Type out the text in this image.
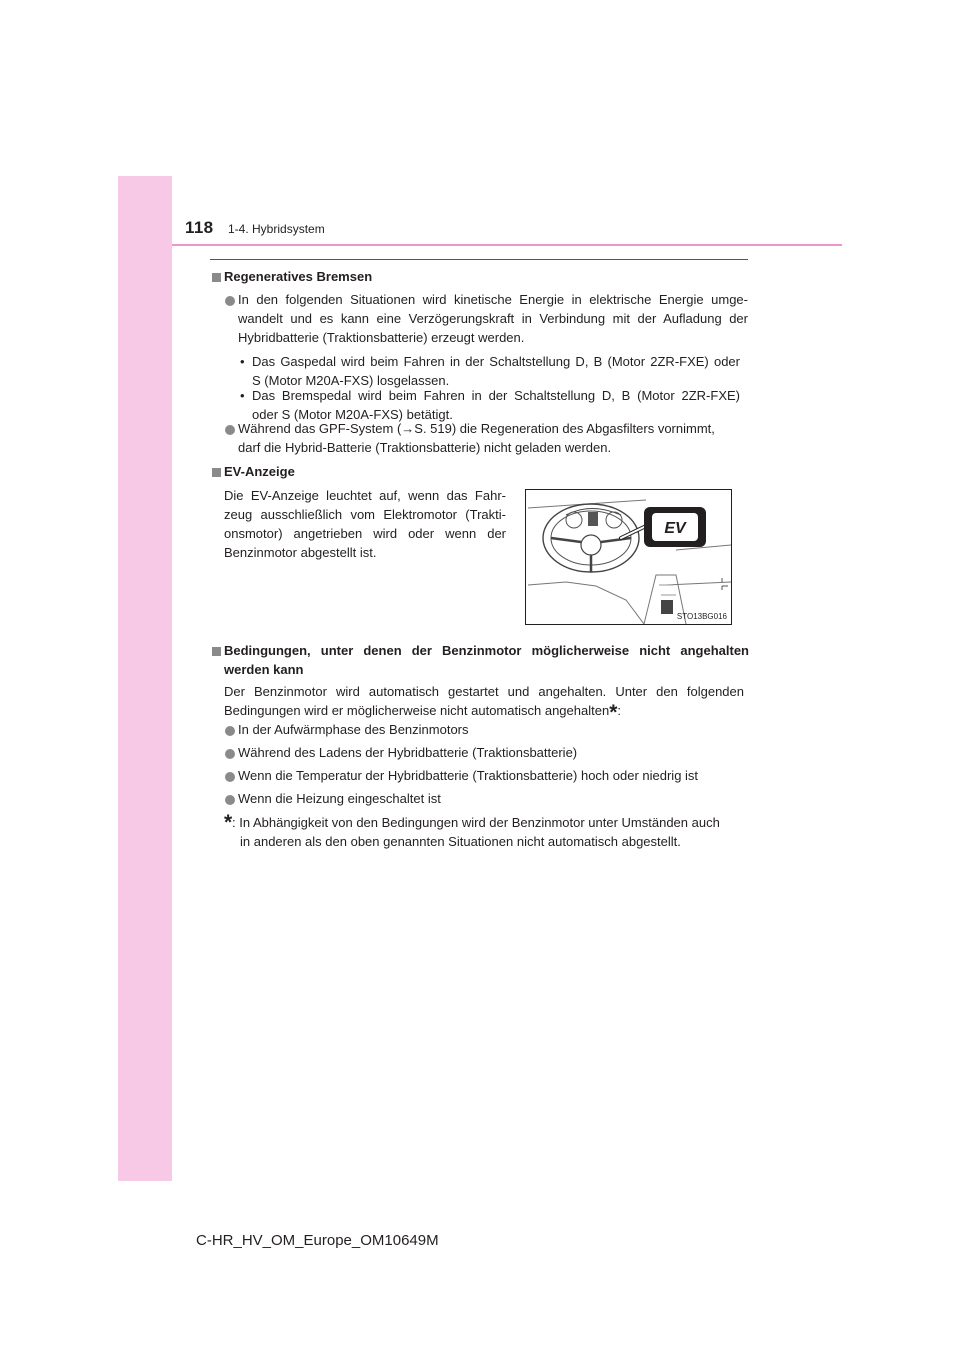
118 1-4. Hybridsystem
Regeneratives Bremsen
In den folgenden Situationen wird kinetische Energie in elektrische Energie umge-
wandelt und es kann eine Verzögerungskraft in Verbindung mit der Aufladung der
Hybridbatterie (Traktionsbatterie) erzeugt werden.
• Das Gaspedal wird beim Fahren in der Schaltstellung D, B (Motor 2ZR-FXE) oder
S (Motor M20A-FXS) losgelassen.
• Das Bremspedal wird beim Fahren in der Schaltstellung D, B (Motor 2ZR-FXE)
oder S (Motor M20A-FXS) betätigt.
Während das GPF-System (→S. 519) die Regeneration des Abgasfilters vornimmt,
darf die Hybrid-Batterie (Traktionsbatterie) nicht geladen werden.
EV-Anzeige
Die EV-Anzeige leuchtet auf, wenn das Fahr-
zeug ausschließlich vom Elektromotor (Trakti-
onsmotor) angetrieben wird oder wenn der
Benzinmotor abgestellt ist.
EV
STO13BG016
Bedingungen, unter denen der Benzinmotor möglicherweise nicht angehalten
werden kann
Der Benzinmotor wird automatisch gestartet und angehalten. Unter den folgenden
Bedingungen wird er möglicherweise nicht automatisch angehalten*:
In der Aufwärmphase des Benzinmotors
Während des Ladens der Hybridbatterie (Traktionsbatterie)
Wenn die Temperatur der Hybridbatterie (Traktionsbatterie) hoch oder niedrig ist
Wenn die Heizung eingeschaltet ist
* : In Abhängigkeit von den Bedingungen wird der Benzinmotor unter Umständen auch
in anderen als den oben genannten Situationen nicht automatisch abgestellt.
C-HR_HV_OM_Europe_OM10649M
